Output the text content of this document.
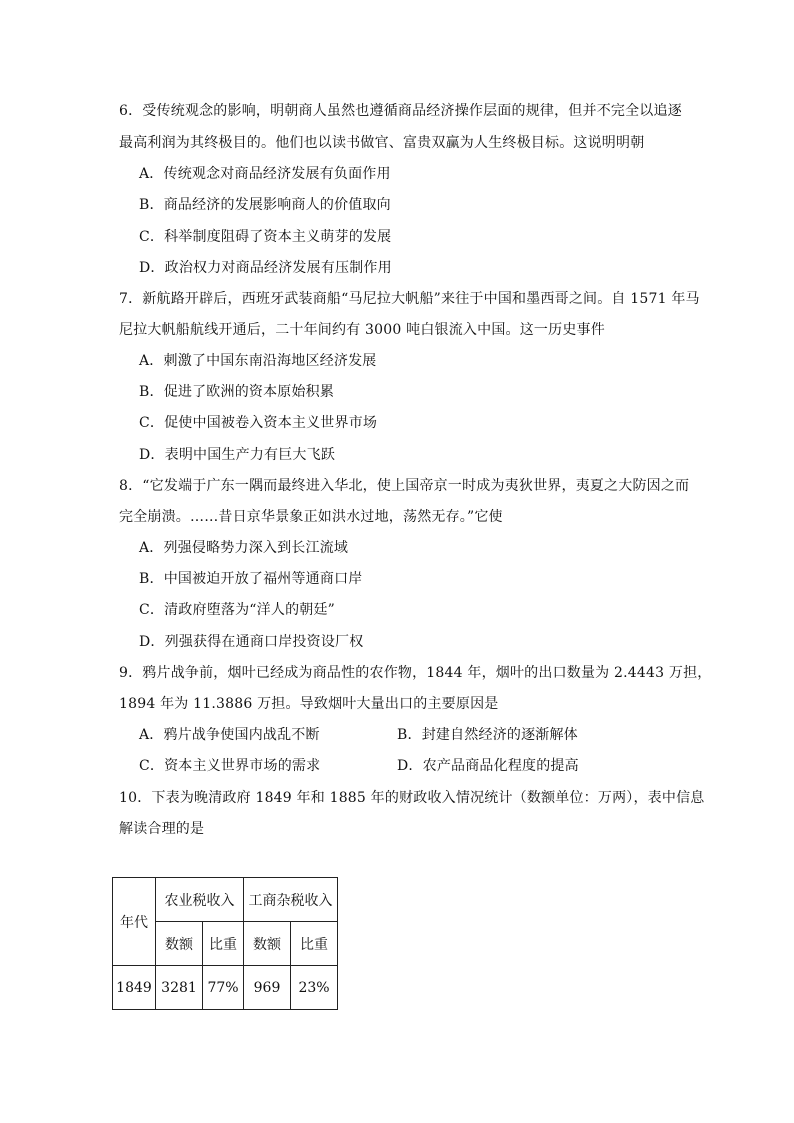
6．受传统观念的影响，明朝商人虽然也遵循商品经济操作层面的规律，但并不完全以追逐
最高利润为其终极目的。他们也以读书做官、富贵双赢为人生终极目标。这说明明朝
A．传统观念对商品经济发展有负面作用
B．商品经济的发展影响商人的价值取向
C．科举制度阻碍了资本主义萌芽的发展
D．政治权力对商品经济发展有压制作用
7．新航路开辟后，西班牙武装商船“马尼拉大帆船”来往于中国和墨西哥之间。自 1571 年马
尼拉大帆船航线开通后，二十年间约有 3000 吨白银流入中国。这一历史事件
A．刺激了中国东南沿海地区经济发展
B．促进了欧洲的资本原始积累
C．促使中国被卷入资本主义世界市场
D．表明中国生产力有巨大飞跃
8．“它发端于广东一隅而最终进入华北，使上国帝京一时成为夷狄世界，夷夏之大防因之而
完全崩溃。……昔日京华景象正如洪水过地，荡然无存。”它使
A．列强侵略势力深入到长江流域
B．中国被迫开放了福州等通商口岸
C．清政府堕落为“洋人的朝廷”
D．列强获得在通商口岸投资设厂权
9．鸦片战争前，烟叶已经成为商品性的农作物，1844 年，烟叶的出口数量为 2.4443 万担，
1894 年为 11.3886 万担。导致烟叶大量出口的主要原因是
A．鸦片战争使国内战乱不断	B．封建自然经济的逐渐解体
C．资本主义世界市场的需求	D．农产品商品化程度的提高
10．下表为晚清政府 1849 年和 1885 年的财政收入情况统计（数额单位：万两），表中信息
解读合理的是
年代	农业税收入		工商杂税收入	
	数额	比重	数额	比重
1849	3281	77%	969	23%
